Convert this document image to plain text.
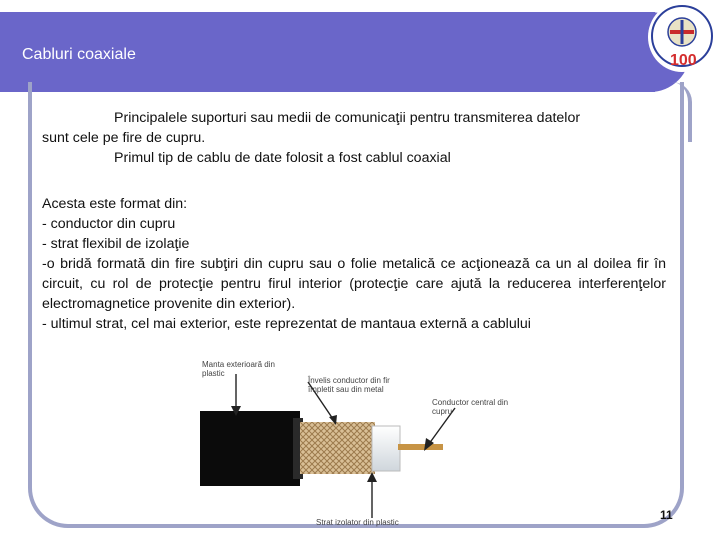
Cabluri coaxiale	100

Principalele suporturi sau medii de comunicaţii pentru transmiterea datelor

sunt cele pe fire de cupru.

Primul tip de cablu de date folosit a fost cablul coaxial

Acesta este format din:

- conductor din cupru

- strat flexibil de izolaţie

-o bridă formată din fire subţiri din cupru sau o folie metalică ce acţionează ca un al doilea fir în circuit, cu rol de protecţie pentru firul interior (protecţie care ajută la reducerea interferenţelor electromagnetice provenite din exterior).

- ultimul strat, cel mai exterior, este reprezentat de mantaua externă a cablului

Manta exterioară din plastic
Învelis conductor din fir împletit sau din metal
Conductor central din cupru
Strat izolator din plastic
11
